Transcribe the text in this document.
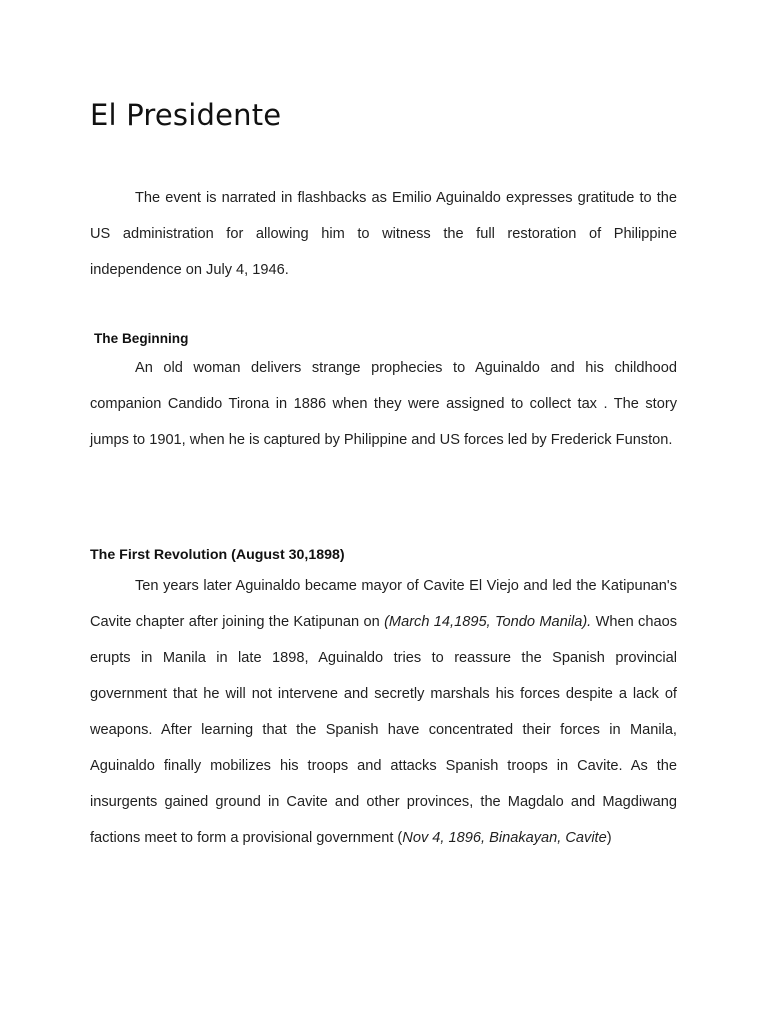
El Presidente

The event is narrated in flashbacks as Emilio Aguinaldo expresses gratitude to the US administration for allowing him to witness the full restoration of Philippine independence on July 4, 1946.

The Beginning

An old woman delivers strange prophecies to Aguinaldo and his childhood companion Candido Tirona in 1886 when they were assigned to collect tax . The story jumps to 1901, when he is captured by Philippine and US forces led by Frederick Funston.

The First Revolution (August 30,1898)

Ten years later Aguinaldo became mayor of Cavite El Viejo and led the Katipunan's Cavite chapter after joining the Katipunan on (March 14,1895, Tondo Manila). When chaos erupts in Manila in late 1898, Aguinaldo tries to reassure the Spanish provincial government that he will not intervene and secretly marshals his forces despite a lack of weapons. After learning that the Spanish have concentrated their forces in Manila, Aguinaldo finally mobilizes his troops and attacks Spanish troops in Cavite. As the insurgents gained ground in Cavite and other provinces, the Magdalo and Magdiwang factions meet to form a provisional government (Nov 4, 1896, Binakayan, Cavite)
